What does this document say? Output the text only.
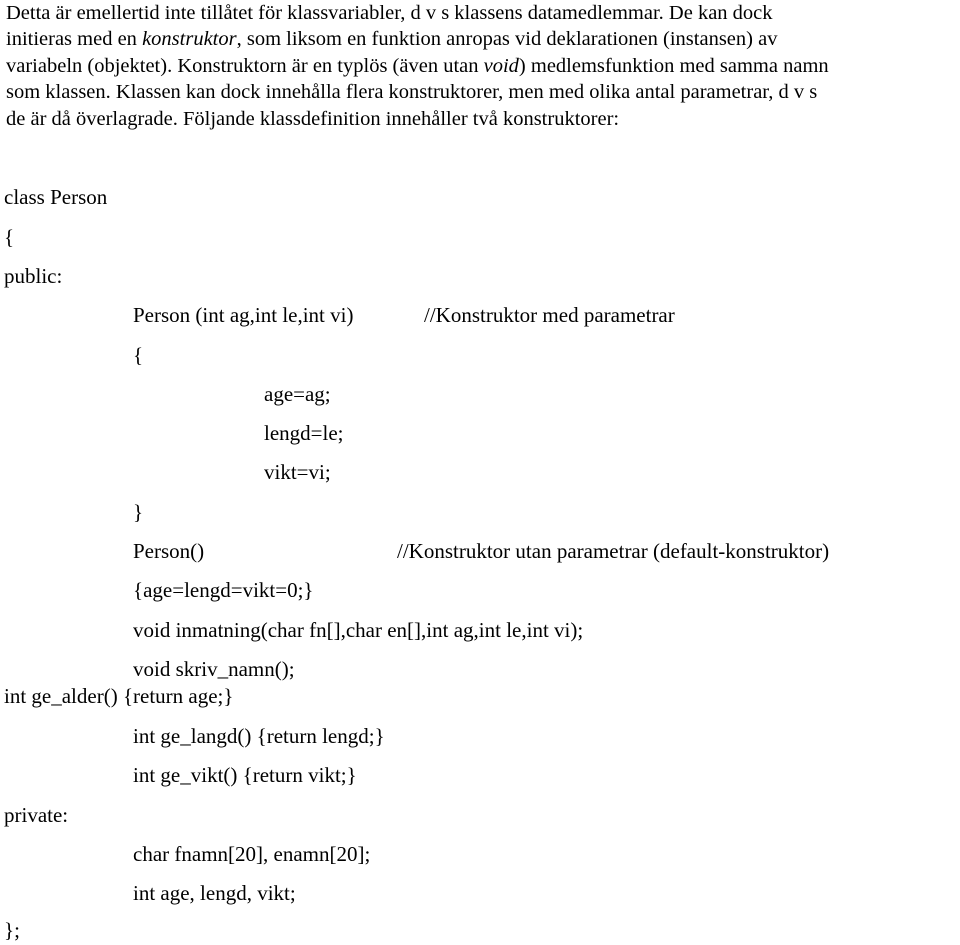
Detta är emellertid inte tillåtet för klassvariabler, d v s klassens datamedlemmar. De kan dock
initieras med en konstruktor, som liksom en funktion anropas vid deklarationen (instansen) av
variabeln (objektet). Konstruktorn är en typlös (även utan void) medlemsfunktion med samma namn
som klassen. Klassen kan dock innehålla flera konstruktorer, men med olika antal parametrar, d v s
de är då överlagrade. Följande klassdefinition innehåller två konstruktorer:
class Person
{
public:
Person (int ag,int le,int vi)	//Konstruktor med parametrar
{
age=ag;
lengd=le;
vikt=vi;
}
Person()	//Konstruktor utan parametrar (default-konstruktor)
{age=lengd=vikt=0;}
void inmatning(char fn[],char en[],int ag,int le,int vi);
void skriv_namn();
int ge_alder() {return age;}
int ge_langd() {return lengd;}
int ge_vikt() {return vikt;}
private:
char fnamn[20], enamn[20];
int age, lengd, vikt;
};
